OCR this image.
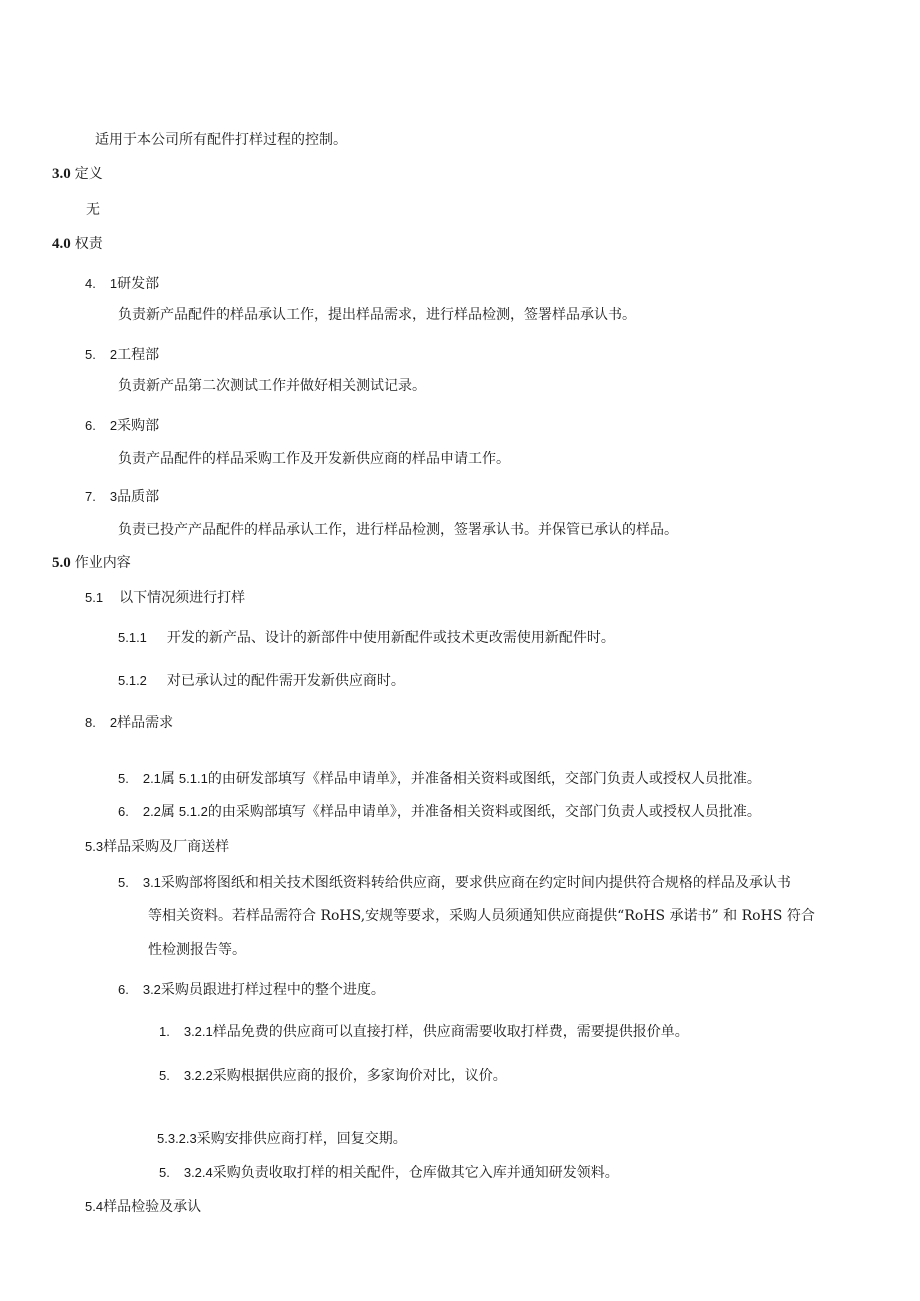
适用于本公司所有配件打样过程的控制。
3.0 定义
无
4.0 权责
4. 1研发部
负责新产品配件的样品承认工作，提出样品需求，进行样品检测，签署样品承认书。
5. 2工程部
负责新产品第二次测试工作并做好相关测试记录。
6. 2采购部
负责产品配件的样品采购工作及开发新供应商的样品申请工作。
7. 3品质部
负责已投产产品配件的样品承认工作，进行样品检测，签署承认书。并保管已承认的样品。
5.0 作业内容
5.1 以下情况须进行打样
5.1.1 开发的新产品、设计的新部件中使用新配件或技术更改需使用新配件时。
5.1.2 对已承认过的配件需开发新供应商时。
8. 2样品需求
5. 2.1属 5.1.1的由研发部填写《样品申请单》，并准备相关资料或图纸，交部门负责人或授权人员批准。
6. 2.2属 5.1.2的由采购部填写《样品申请单》，并准备相关资料或图纸，交部门负责人或授权人员批准。
5.3样品采购及厂商送样
5. 3.1采购部将图纸和相关技术图纸资料转给供应商，要求供应商在约定时间内提供符合规格的样品及承认书
等相关资料。若样品需符合 RoHS,安规等要求，采购人员须通知供应商提供“RoHS 承诺书” 和 RoHS 符合
性检测报告等。
6. 3.2采购员跟进打样过程中的整个进度。
1. 3.2.1样品免费的供应商可以直接打样，供应商需要收取打样费，需要提供报价单。
5. 3.2.2采购根据供应商的报价，多家询价对比，议价。
5.3.2.3采购安排供应商打样，回复交期。
5. 3.2.4采购负责收取打样的相关配件，仓库做其它入库并通知研发领料。
5.4样品检验及承认
